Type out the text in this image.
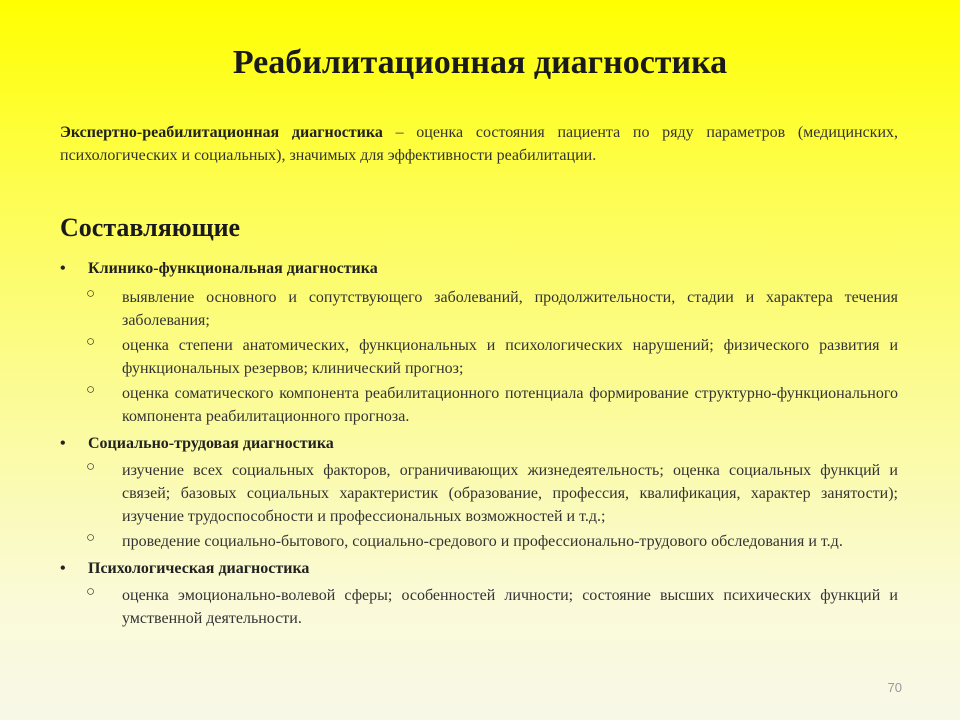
Реабилитационная диагностика
Экспертно-реабилитационная диагностика – оценка состояния пациента по ряду параметров (медицинских, психологических и социальных), значимых для эффективности реабилитации.
Составляющие
• Клинико-функциональная диагностика
○ выявление основного и сопутствующего заболеваний, продолжительности, стадии и характера течения заболевания;
○ оценка степени анатомических, функциональных и психологических нарушений; физического развития и функциональных резервов; клинический прогноз;
○ оценка соматического компонента реабилитационного потенциала формирование структурно-функционального компонента реабилитационного прогноза.
• Социально-трудовая диагностика
○ изучение всех социальных факторов, ограничивающих жизнедеятельность; оценка социальных функций и связей; базовых социальных характеристик (образование, профессия, квалификация, характер занятости); изучение трудоспособности и профессиональных возможностей и т.д.;
○ проведение социально-бытового, социально-средового и профессионально-трудового обследования и т.д.
• Психологическая диагностика
○ оценка эмоционально-волевой сферы; особенностей личности; состояние высших психических функций и умственной деятельности.
70
